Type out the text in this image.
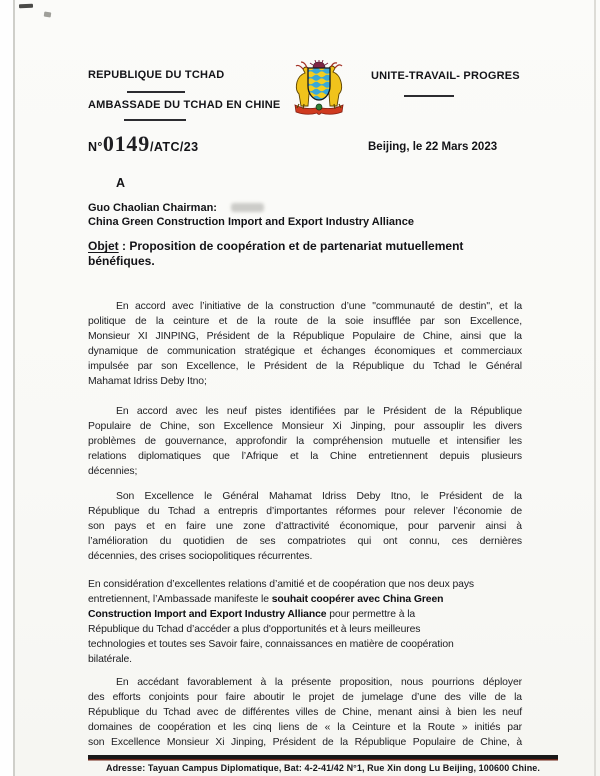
REPUBLIQUE DU TCHAD
AMBASSADE DU TCHAD EN CHINE
UNITE-TRAVAIL- PROGRES
N° 0149 /ATC/23	Beijing, le 22 Mars 2023
A
Guo Chaolian Chairman:
China Green Construction Import and Export Industry Alliance
Objet : Proposition de coopération et de partenariat mutuellement
bénéfiques.
En accord avec l’initiative de la construction d’une "communauté de destin", et la
politique de la ceinture et de la route de la soie insufflée par son Excellence,
Monsieur XI JINPING, Président de la République Populaire de Chine, ainsi que la
dynamique de communication stratégique et échanges économiques et commerciaux
impulsée par son Excellence, le Président de la République du Tchad le Général
Mahamat Idriss Deby Itno;
En accord avec les neuf pistes identifiées par le Président de la République
Populaire de Chine, son Excellence Monsieur Xi Jinping, pour assouplir les divers
problèmes de gouvernance, approfondir la compréhension mutuelle et intensifier les
relations diplomatiques que l’Afrique et la Chine entretiennent depuis plusieurs
décennies;
Son Excellence le Général Mahamat Idriss Deby Itno, le Président de la
République du Tchad a entrepris d’importantes réformes pour relever l’économie de
son pays et en faire une zone d’attractivité économique, pour parvenir ainsi à
l’amélioration du quotidien de ses compatriotes qui ont connu, ces dernières
décennies, des crises sociopolitiques récurrentes.
En considération d’excellentes relations d’amitié et de coopération que nos deux pays
entretiennent, l’Ambassade manifeste le souhait coopérer avec China Green
Construction Import and Export Industry Alliance pour permettre à la
République du Tchad d’accéder a plus d'opportunités et à leurs meilleures
technologies et toutes ses Savoir faire, connaissances en matière de coopération
bilatérale.
En accédant favorablement à la présente proposition, nous pourrions déployer
des efforts conjoints pour faire aboutir le projet de jumelage d’une des ville de la
République du Tchad avec de différentes villes de Chine, menant ainsi à bien les neuf
domaines de coopération et les cinq liens de « la Ceinture et la Route » initiés par
son Excellence Monsieur Xi Jinping, Président de la République Populaire de Chine, à
Adresse: Tayuan Campus Diplomatique, Bat: 4-2-41/42 N°1, Rue Xin dong Lu Beijing, 100600 Chine.
